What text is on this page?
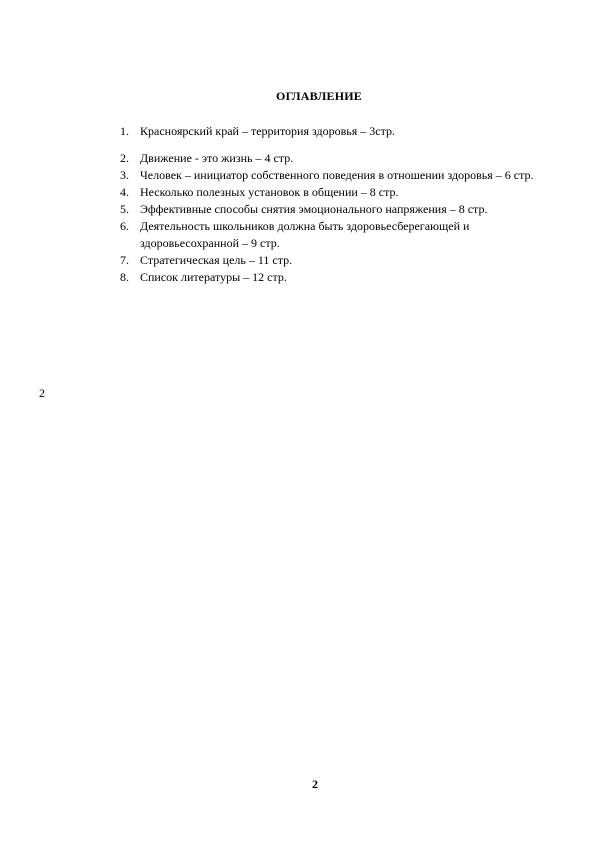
ОГЛАВЛЕНИЕ
1. Красноярский край – территория здоровья – 3стр.
2. Движение - это жизнь – 4 стр.
3. Человек – инициатор собственного поведения в отношении здоровья – 6 стр.
4. Несколько полезных установок в общении – 8 стр.
5. Эффективные способы снятия эмоционального напряжения – 8 стр.
6. Деятельность школьников должна быть здоровьесберегающей и здоровьесохранной – 9 стр.
7. Стратегическая цель – 11 стр.
8. Список литературы – 12 стр.
2
2
